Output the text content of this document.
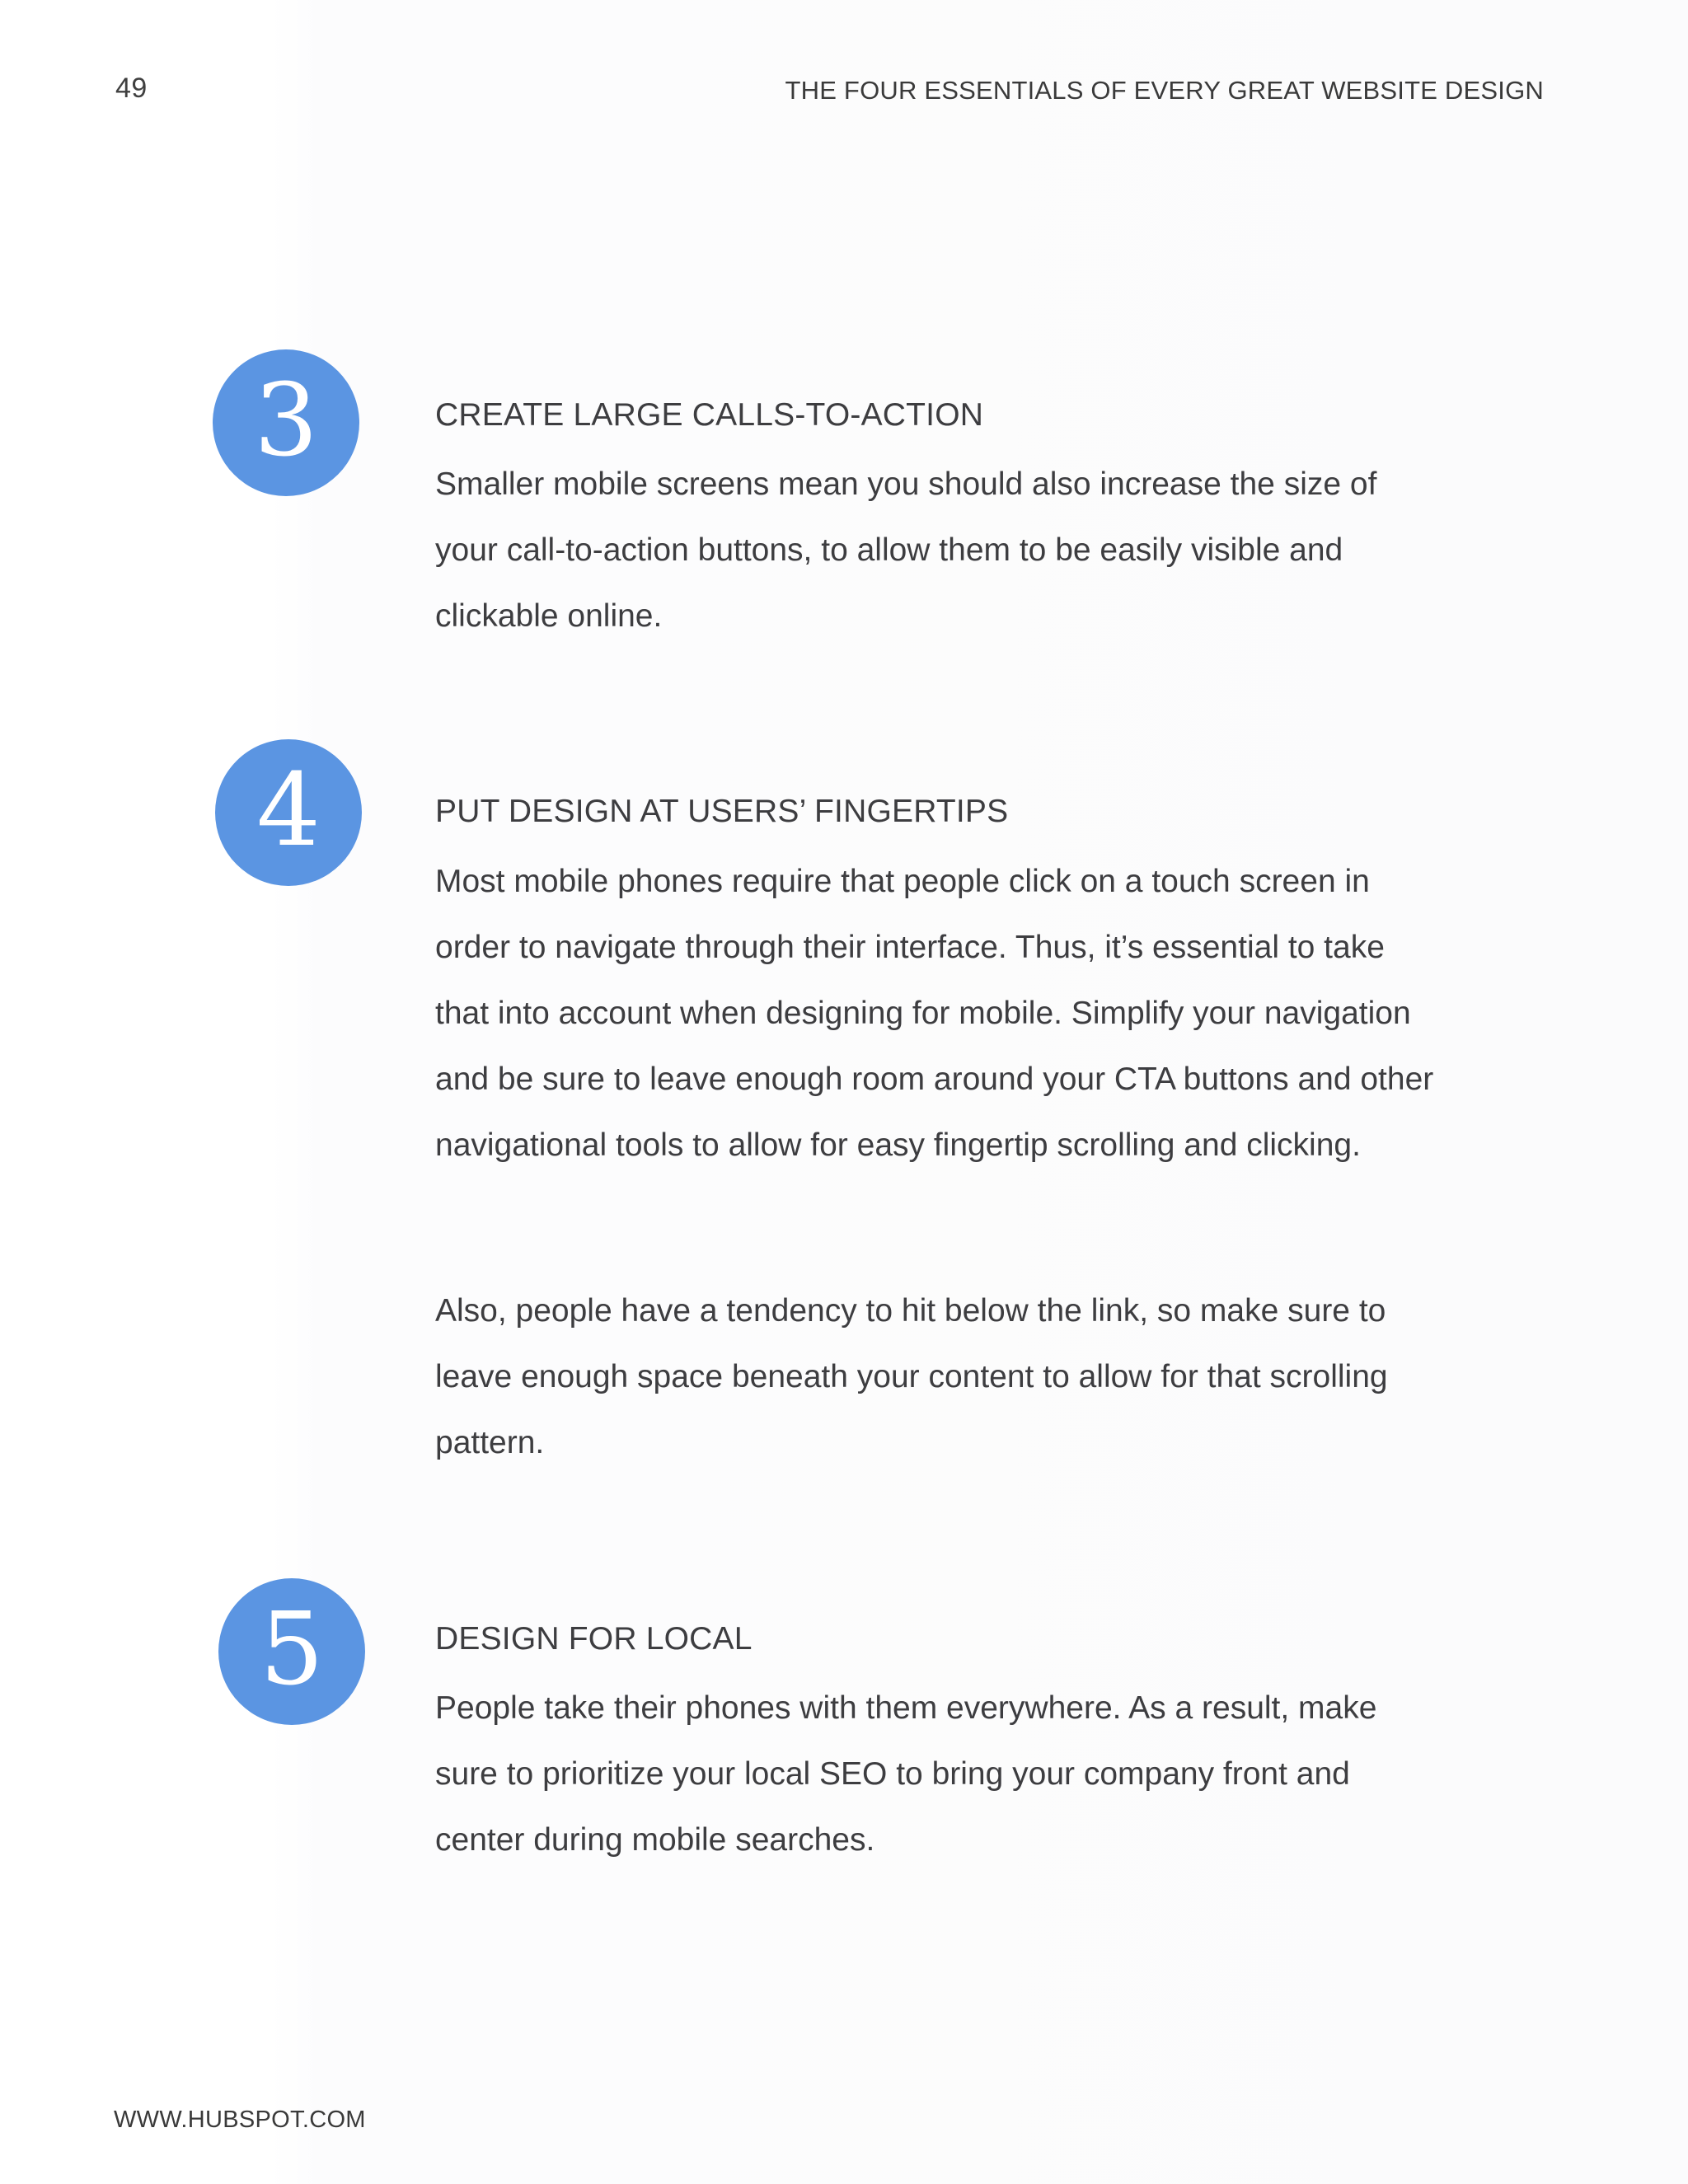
49	THE FOUR ESSENTIALS OF EVERY GREAT WEBSITE DESIGN
3	CREATE LARGE CALLS-TO-ACTION

Smaller mobile screens mean you should also increase the size of your call-to-action buttons, to allow them to be easily visible and clickable online.

4	PUT DESIGN AT USERS’ FINGERTIPS

Most mobile phones require that people click on a touch screen in order to navigate through their interface. Thus, it’s essential to take that into account when designing for mobile. Simplify your navigation and be sure to leave enough room around your CTA buttons and other navigational tools to allow for easy fingertip scrolling and clicking.

Also, people have a tendency to hit below the link, so make sure to leave enough space beneath your content to allow for that scrolling pattern.

5	DESIGN FOR LOCAL

People take their phones with them everywhere. As a result, make sure to prioritize your local SEO to bring your company front and center during mobile searches.

WWW.HUBSPOT.COM
